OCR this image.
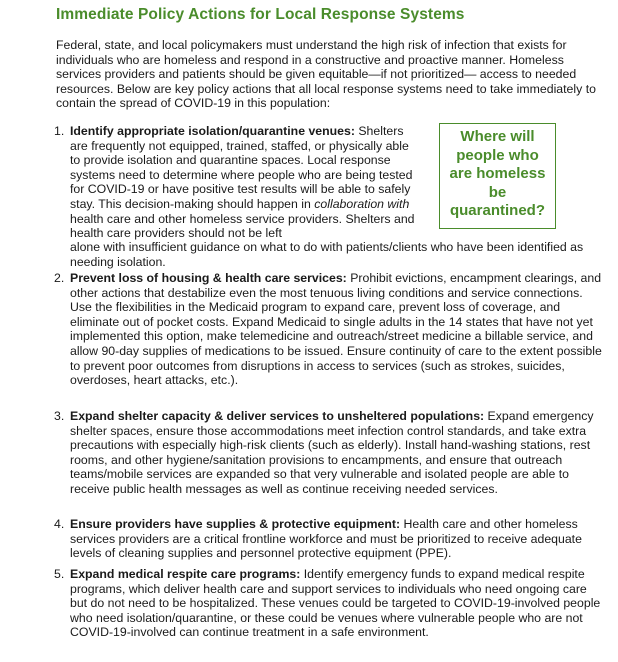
Immediate Policy Actions for Local Response Systems

Federal, state, and local policymakers must understand the high risk of infection that exists for individuals who are homeless and respond in a constructive and proactive manner. Homeless services providers and patients should be given equitable—if not prioritized— access to needed resources. Below are key policy actions that all local response systems need to take immediately to contain the spread of COVID-19 in this population:

Where will people who are homeless be quarantined?
1. Identify appropriate isolation/quarantine venues: Shelters are frequently not equipped, trained, staffed, or physically able to provide isolation and quarantine spaces. Local response systems need to determine where people who are being tested for COVID-19 or have positive test results will be able to safely stay. This decision-making should happen in collaboration with health care and other homeless service providers. Shelters and health care providers should not be left
alone with insufficient guidance on what to do with patients/clients who have been identified as needing isolation.
2. Prevent loss of housing & health care services: Prohibit evictions, encampment clearings, and other actions that destabilize even the most tenuous living conditions and service connections. Use the flexibilities in the Medicaid program to expand care, prevent loss of coverage, and eliminate out of pocket costs. Expand Medicaid to single adults in the 14 states that have not yet implemented this option, make telemedicine and outreach/street medicine a billable service, and allow 90-day supplies of medications to be issued. Ensure continuity of care to the extent possible to prevent poor outcomes from disruptions in access to services (such as strokes, suicides, overdoses, heart attacks, etc.).
3. Expand shelter capacity & deliver services to unsheltered populations: Expand emergency shelter spaces, ensure those accommodations meet infection control standards, and take extra precautions with especially high-risk clients (such as elderly). Install hand-washing stations, rest rooms, and other hygiene/sanitation provisions to encampments, and ensure that outreach teams/mobile services are expanded so that very vulnerable and isolated people are able to receive public health messages as well as continue receiving needed services.
4. Ensure providers have supplies & protective equipment: Health care and other homeless services providers are a critical frontline workforce and must be prioritized to receive adequate levels of cleaning supplies and personnel protective equipment (PPE).
5. Expand medical respite care programs: Identify emergency funds to expand medical respite programs, which deliver health care and support services to individuals who need ongoing care but do not need to be hospitalized. These venues could be targeted to COVID-19-involved people who need isolation/quarantine, or these could be venues where vulnerable people who are not COVID-19-involved can continue treatment in a safe environment.
